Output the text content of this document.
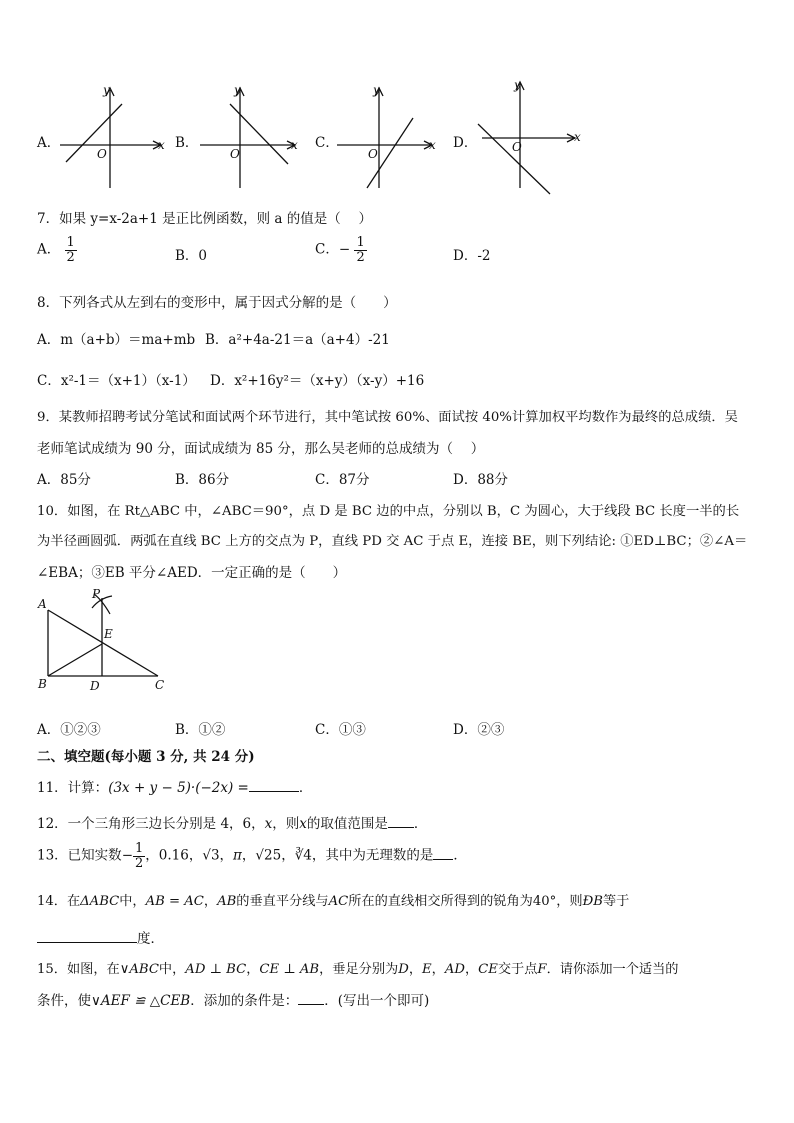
A．
y
x
O
B．
y
x
O
C．
y
x
O
D．
y
x
O
7．如果 y=x-2a+1 是正比例函数，则 a 的值是（　 ）
A． $\frac{1}{2}$	B．0	C．− $\frac{1}{2}$	D．-2
8．下列各式从左到右的变形中，属于因式分解的是（　　）
A．m（a+b）＝ma+mb B．a²+4a-21＝a（a+4）-21
C．x²-1＝（x+1）（x-1） D．x²+16y²＝（x+y）（x-y）+16
9．某教师招聘考试分笔试和面试两个环节进行，其中笔试按 60%、面试按 40%计算加权平均数作为最终的总成绩．吴
老师笔试成绩为 90 分，面试成绩为 85 分，那么吴老师的总成绩为（　 ）
A．85分	B．86分	C．87分	D．88分
10．如图，在 Rt△ABC 中，∠ABC＝90°，点 D 是 BC 边的中点，分别以 B，C 为圆心，大于线段 BC 长度一半的长
为半径画圆弧．两弧在直线 BC 上方的交点为 P，直线 PD 交 AC 于点 E，连接 BE，则下列结论: ①ED⊥BC；②∠A＝
∠EBA；③EB 平分∠AED．一定正确的是（　　）
A
P
E
B	D	C
A．①②③	B．①②	C．①③	D．②③
二、填空题(每小题 3 分, 共 24 分)
11．计算：(3x + y − 5)·(−2x) =	．
12．一个三角形三边长分别是 4，6，x，则x的取值范围是 ．
13．已知实数− $\frac{1}{2}$ ，0.16，√3，π，√25，∛4，其中为无理数的是 ．
14．在ΔABC中，AB = AC，AB的垂直平分线与AC所在的直线相交所得到的锐角为40°，则ÐB等于
度．
15．如图，在∨ABC中，AD ⊥ BC，CE ⊥ AB，垂足分别为D，E，AD，CE交于点F．请你添加一个适当的
条件，使∨AEF ≌ △CEB．添加的条件是： ．(写出一个即可)
